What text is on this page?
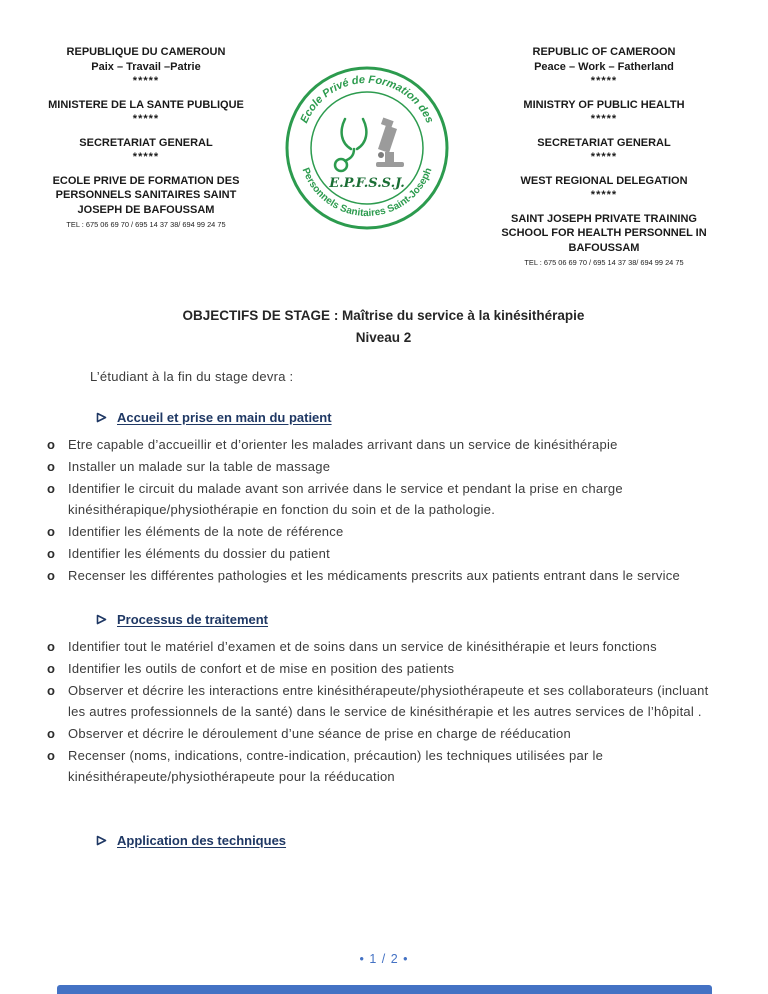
REPUBLIQUE DU CAMEROUN
Paix – Travail –Patrie
*****
MINISTERE DE LA SANTE PUBLIQUE
*****
SECRETARIAT GENERAL
*****
ECOLE PRIVE DE FORMATION DES PERSONNELS SANITAIRES SAINT JOSEPH DE BAFOUSSAM
TEL : 675 06 69 70 / 695 14 37 38/ 694 99 24 75
Ecole Privé de Formation des
Personnels Sanitaires Saint-Joseph
E.P.F.S.S.J.
REPUBLIC OF CAMEROON
Peace – Work – Fatherland
*****
MINISTRY OF PUBLIC HEALTH
*****
SECRETARIAT GENERAL
*****
WEST REGIONAL DELEGATION
*****
SAINT JOSEPH PRIVATE TRAINING SCHOOL FOR HEALTH PERSONNEL IN BAFOUSSAM
TEL : 675 06 69 70 / 695 14 37 38/ 694 99 24 75
OBJECTIFS DE STAGE : Maîtrise du service à la kinésithérapie
Niveau 2

L’étudiant à la fin du stage devra :

Accueil et prise en main du patient
o Etre capable d’accueillir et d’orienter les malades arrivant dans un service de kinésithérapie
o Installer un malade sur la table de massage
o Identifier le circuit du malade avant son arrivée dans le service et pendant la prise en charge kinésithérapique/physiothérapie en fonction du soin et de la pathologie.
o Identifier les éléments de la note de référence
o Identifier les éléments du dossier du patient
o Recenser les différentes pathologies et les médicaments prescrits aux patients entrant dans le service
Processus de traitement
o Identifier tout le matériel d’examen et de soins dans un service de kinésithérapie et leurs fonctions
o Identifier les outils de confort et de mise en position des patients
o Observer et décrire les interactions entre kinésithérapeute/physiothérapeute et ses collaborateurs (incluant les autres professionnels de la santé) dans le service de kinésithérapie et les autres services de l’hôpital .
o Observer et décrire le déroulement d’une séance de prise en charge de rééducation
o Recenser (noms, indications, contre-indication, précaution) les techniques utilisées par le kinésithérapeute/physiothérapeute pour la rééducation
Application des techniques
• 1 / 2 •
